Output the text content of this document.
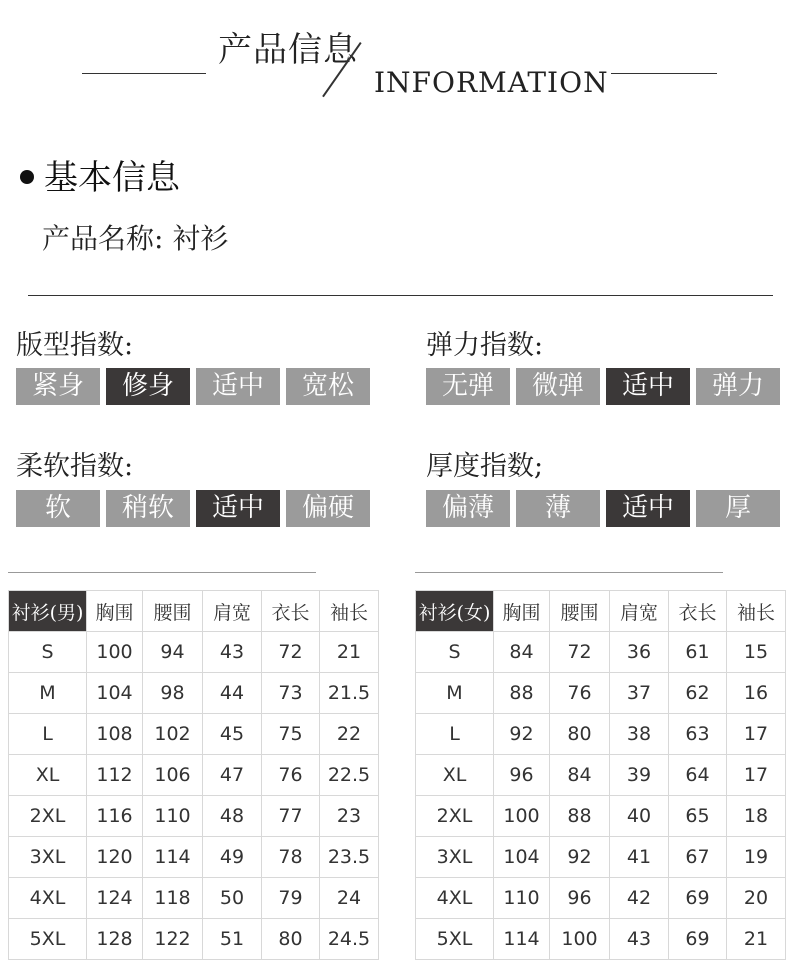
产品信息
INFORMATION
基本信息
产品名称: 衬衫
版型指数:
紧身	修身	适中	宽松
弹力指数:
无弹	微弹	适中	弹力
柔软指数:
软	稍软	适中	偏硬
厚度指数;
偏薄	薄	适中	厚
衬衫(男)	胸围	腰围	肩宽	衣长	袖长
S	100	94	43	72	21
M	104	98	44	73	21.5
L	108	102	45	75	22
XL	112	106	47	76	22.5
2XL	116	110	48	77	23
3XL	120	114	49	78	23.5
4XL	124	118	50	79	24
5XL	128	122	51	80	24.5
衬衫(女)	胸围	腰围	肩宽	衣长	袖长
S	84	72	36	61	15
M	88	76	37	62	16
L	92	80	38	63	17
XL	96	84	39	64	17
2XL	100	88	40	65	18
3XL	104	92	41	67	19
4XL	110	96	42	69	20
5XL	114	100	43	69	21
